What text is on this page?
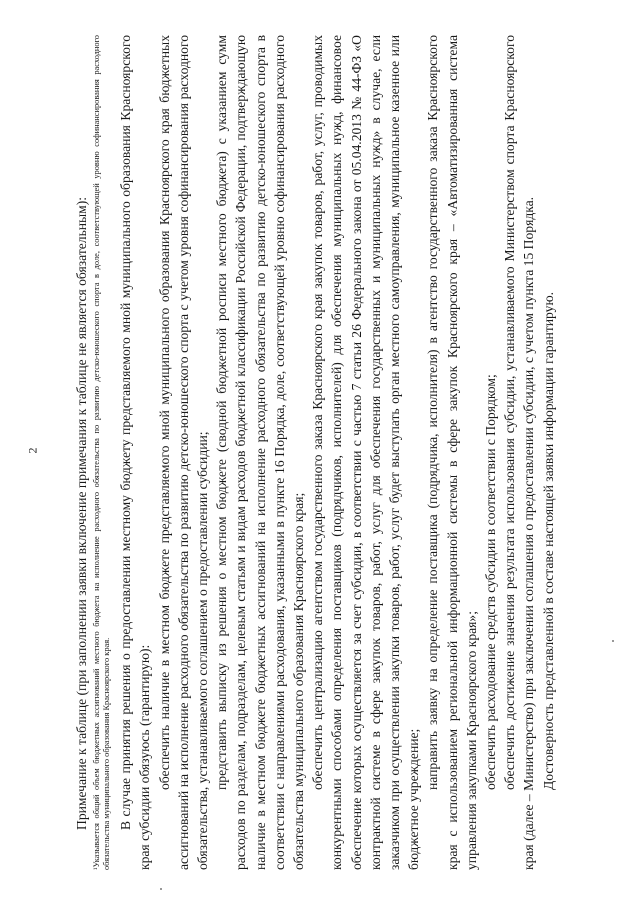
2	Примечание к таблице (при заполнении заявки включение примечания к таблице не является обязательным): ¹Указывается общий объем бюджетных ассигнований местного бюджета на исполнение расходного обязательства по развитию детско-юношеского спорта в доле, соответствующей уровню софинансирования расходного обязательства муниципального образования Красноярского края. В случае принятия решения о предоставлении местному бюджету представляемого мной муниципального образования Красноярского края субсидии обязуюсь (гарантирую): обеспечить наличие в местном бюджете представляемого мной муниципального образования Красноярского края бюджетных ассигнований на исполнение расходного обязательства по развитию детско-юношеского спорта с учетом уровня софинансирования расходного обязательства, устанавливаемого соглашением о предоставлении субсидии; представить выписку из решения о местном бюджете (сводной бюджетной росписи местного бюджета) с указанием сумм расходов по разделам, подразделам, целевым статьям и видам расходов бюджетной классификации Российской Федерации, подтверждающую наличие в местном бюджете бюджетных ассигнований на исполнение расходного обязательства по развитию детско-юношеского спорта в соответствии с направлениями расходования, указанными в пункте 16 Порядка, доле, соответствующей уровню софинансирования расходного обязательства муниципального образования Красноярского края; обеспечить централизацию агентством государственного заказа Красноярского края закупок товаров, работ, услуг, проводимых конкурентными способами определения поставщиков (подрядчиков, исполнителей) для обеспечения муниципальных нужд, финансовое обеспечение которых осуществляется за счет субсидии, в соответствии с частью 7 статьи 26 Федерального закона от 05.04.2013 № 44-ФЗ «О контрактной системе в сфере закупок товаров, работ, услуг для обеспечения государственных и муниципальных нужд» в случае, если заказчиком при осуществлении закупки товаров, работ, услуг будет выступать орган местного самоуправления, муниципальное казенное или бюджетное учреждение;

направить заявку на определение поставщика (подрядчика, исполнителя) в агентство государственного заказа Красноярского края с использованием региональной информационной системы в сфере закупок Красноярского края – «Автоматизированная система управления закупками Красноярского края»; обеспечить расходование средств субсидии в соответствии с Порядком; обеспечить достижение значения результата использования субсидии, устанавливаемого Министерством спорта Красноярского края (далее – Министерство) при заключении соглашения о предоставлении субсидии, с учетом пункта 15 Порядка. Достоверность представленной в составе настоящей заявки информации гарантирую.
